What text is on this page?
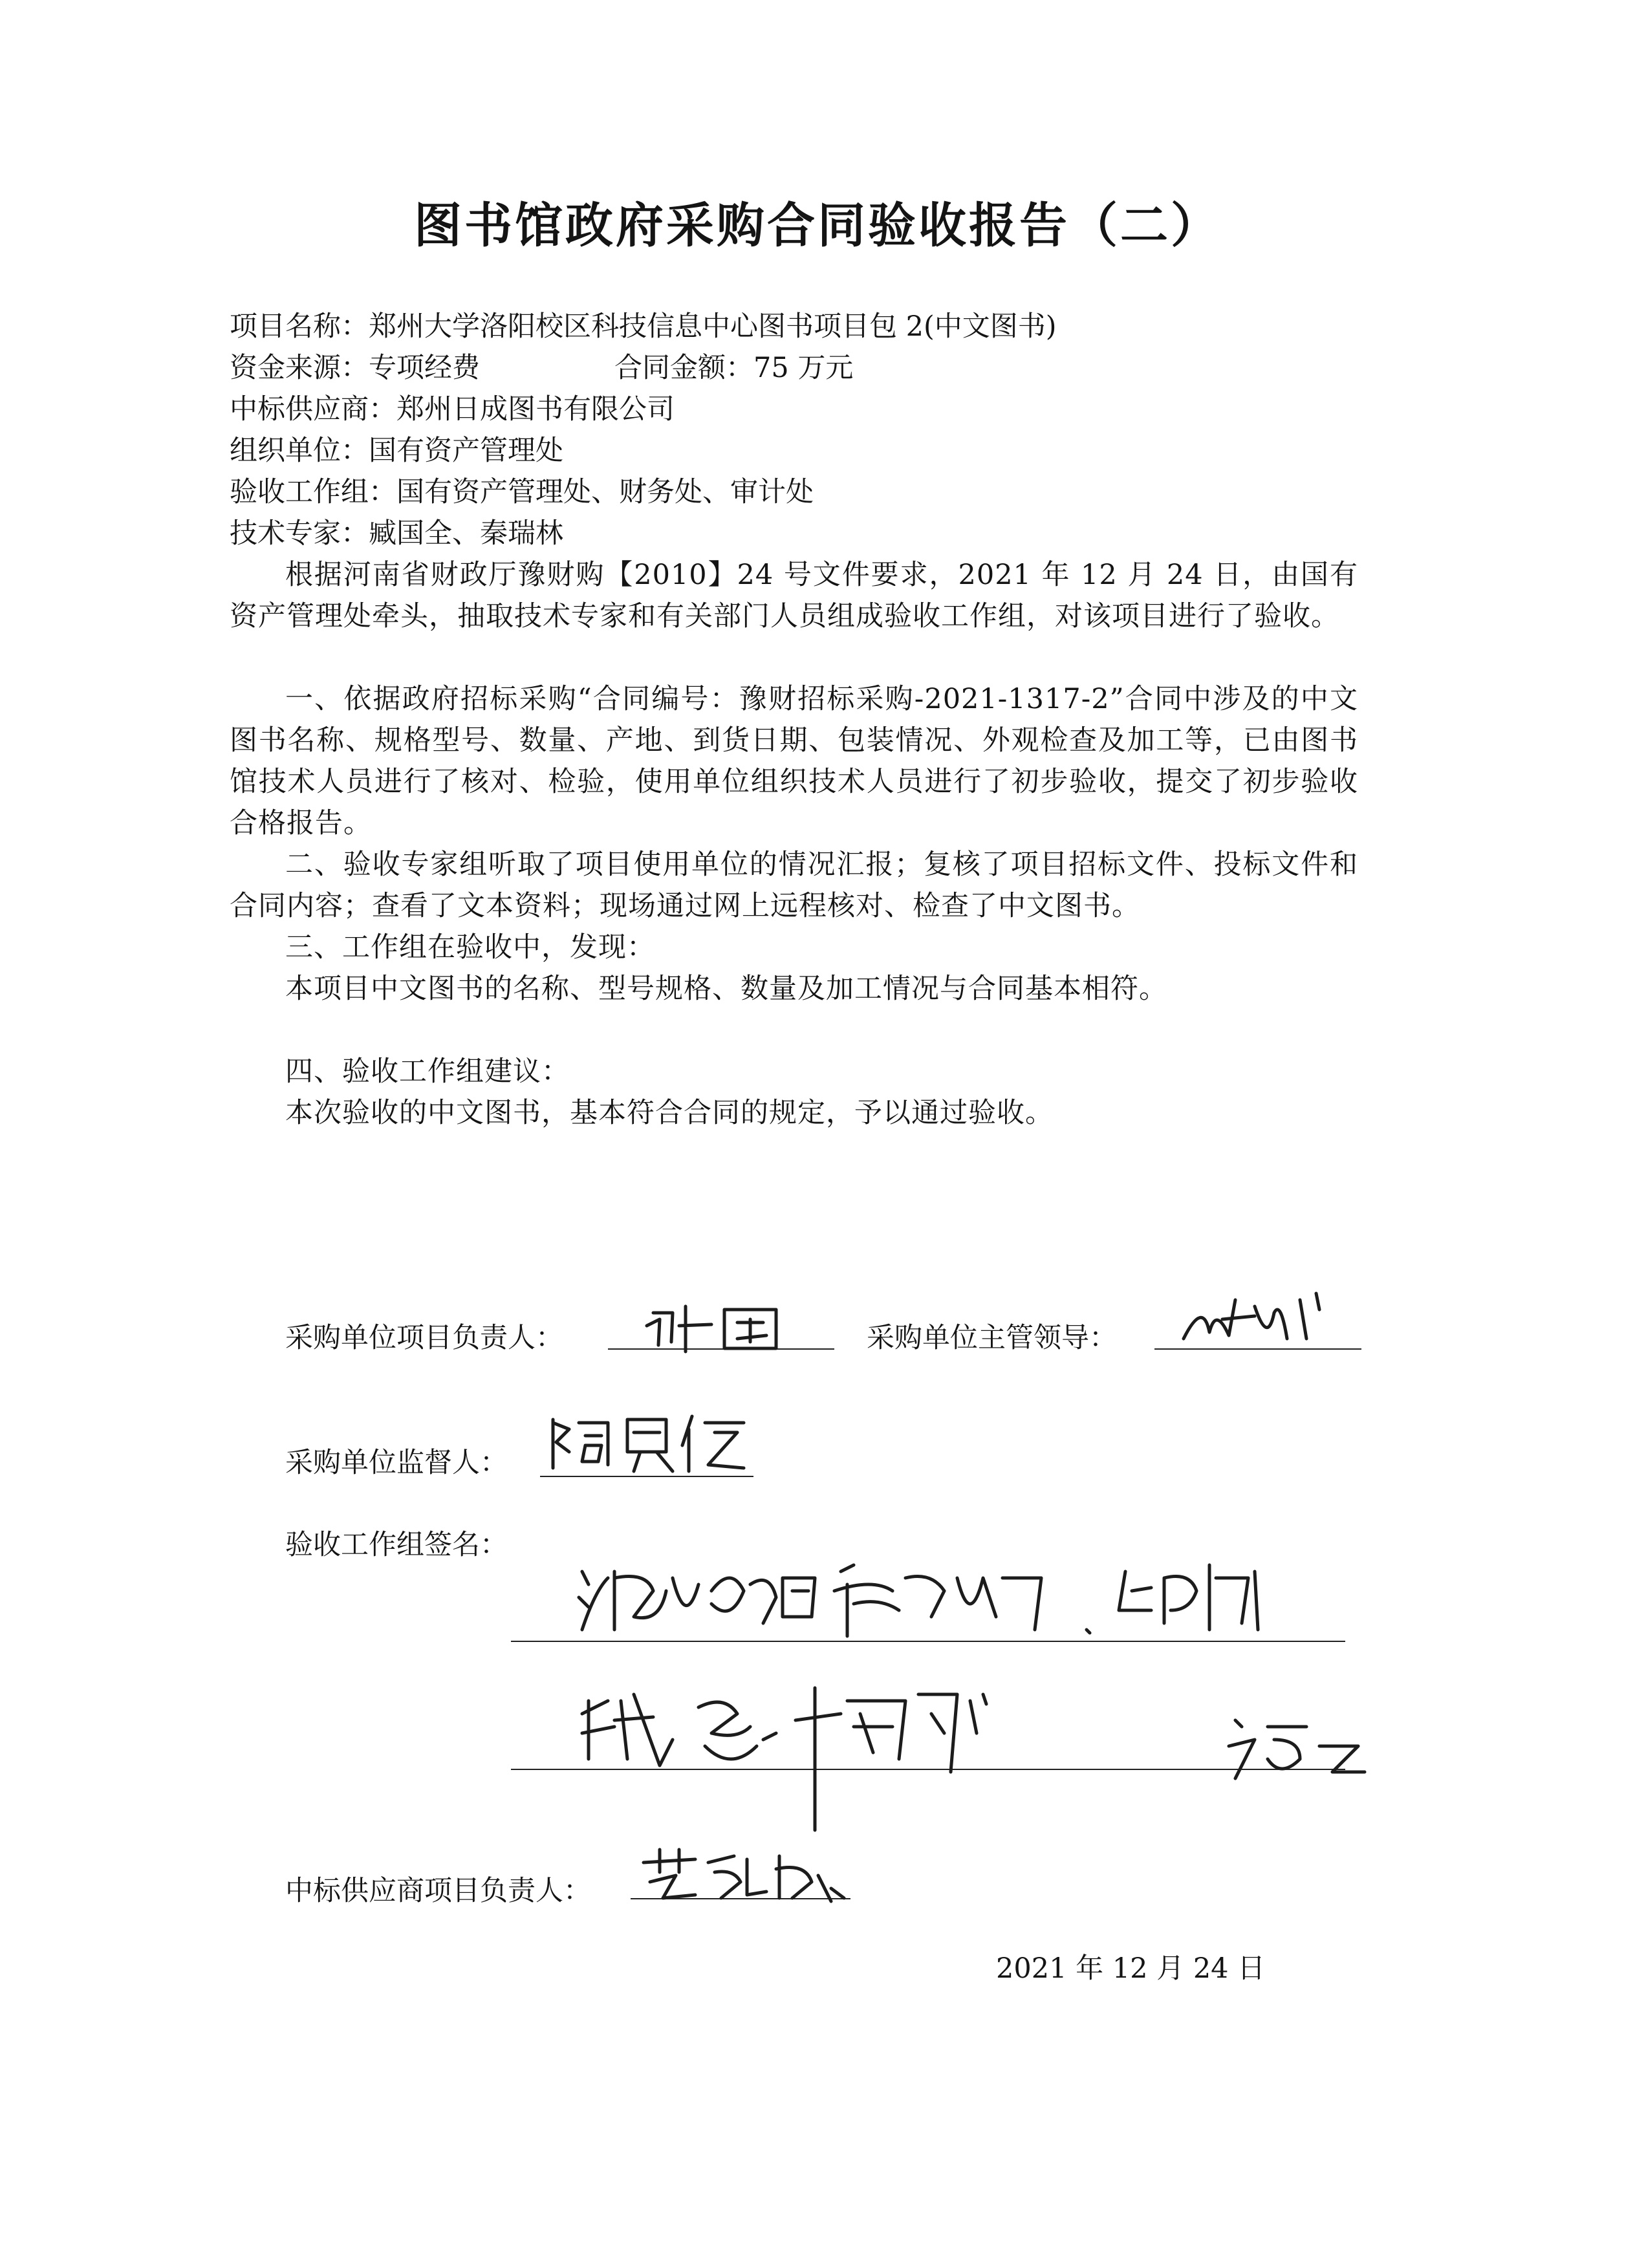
图书馆政府采购合同验收报告（二）
项目名称：郑州大学洛阳校区科技信息中心图书项目包 2(中文图书)
资金来源：专项经费	合同金额：75 万元
中标供应商：郑州日成图书有限公司
组织单位：国有资产管理处
验收工作组：国有资产管理处、财务处、审计处
技术专家：臧国全、秦瑞林
根据河南省财政厅豫财购【2010】24 号文件要求，2021 年 12 月 24 日，由国有资产管理处牵头，抽取技术专家和有关部门人员组成验收工作组，对该项目进行了验收。
一、依据政府招标采购“合同编号：豫财招标采购-2021-1317-2”合同中涉及的中文图书名称、规格型号、数量、产地、到货日期、包装情况、外观检查及加工等，已由图书馆技术人员进行了核对、检验，使用单位组织技术人员进行了初步验收，提交了初步验收合格报告。
二、验收专家组听取了项目使用单位的情况汇报；复核了项目招标文件、投标文件和合同内容；查看了文本资料；现场通过网上远程核对、检查了中文图书。
三、工作组在验收中，发现：
本项目中文图书的名称、型号规格、数量及加工情况与合同基本相符。
四、验收工作组建议：
本次验收的中文图书，基本符合合同的规定，予以通过验收。
采购单位项目负责人：	采购单位主管领导：
采购单位监督人：
验收工作组签名：
中标供应商项目负责人：
2021 年 12 月 24 日
